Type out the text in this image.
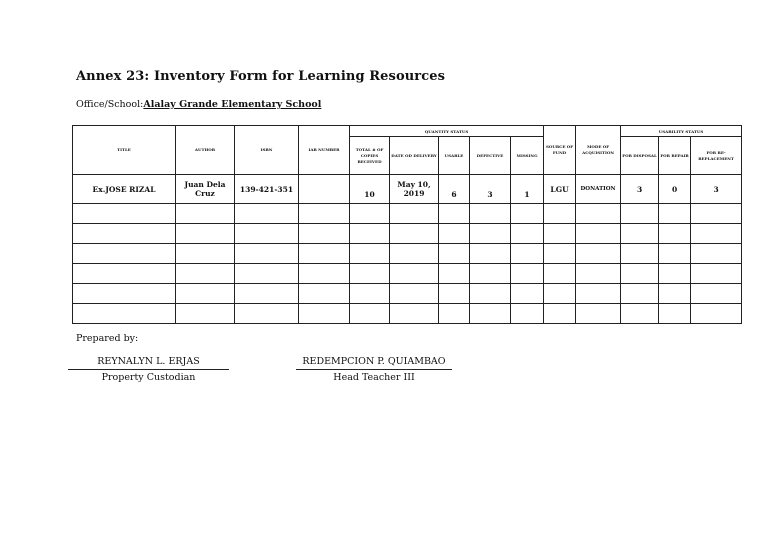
Annex 23: Inventory Form for Learning Resources
Office/School:Alalay Grande Elementary School
TITLE	AUTHOR	ISBN	IAR NUMBER	QUANTITY STATUS					SOURCE OF FUND	MODE OF ACQUISITION	USABILITY STATUS		
				TOTAL # OF COPIES RECEIVED	DATE OD DELIVERY	USABLE	DEFECTIVE	MISSING			FOR DISPOSAL	FOR REPAIR	FOR RE-REPLACEMENT
Ex.JOSE RIZAL	Juan Dela Cruz	139-421-351		10	May 10, 2019	6	3	1	LGU	DONATION	3	0	3

Prepared by:
REYNALYN L. ERJAS
Property Custodian
REDEMPCION P. QUIAMBAO
Head Teacher III
